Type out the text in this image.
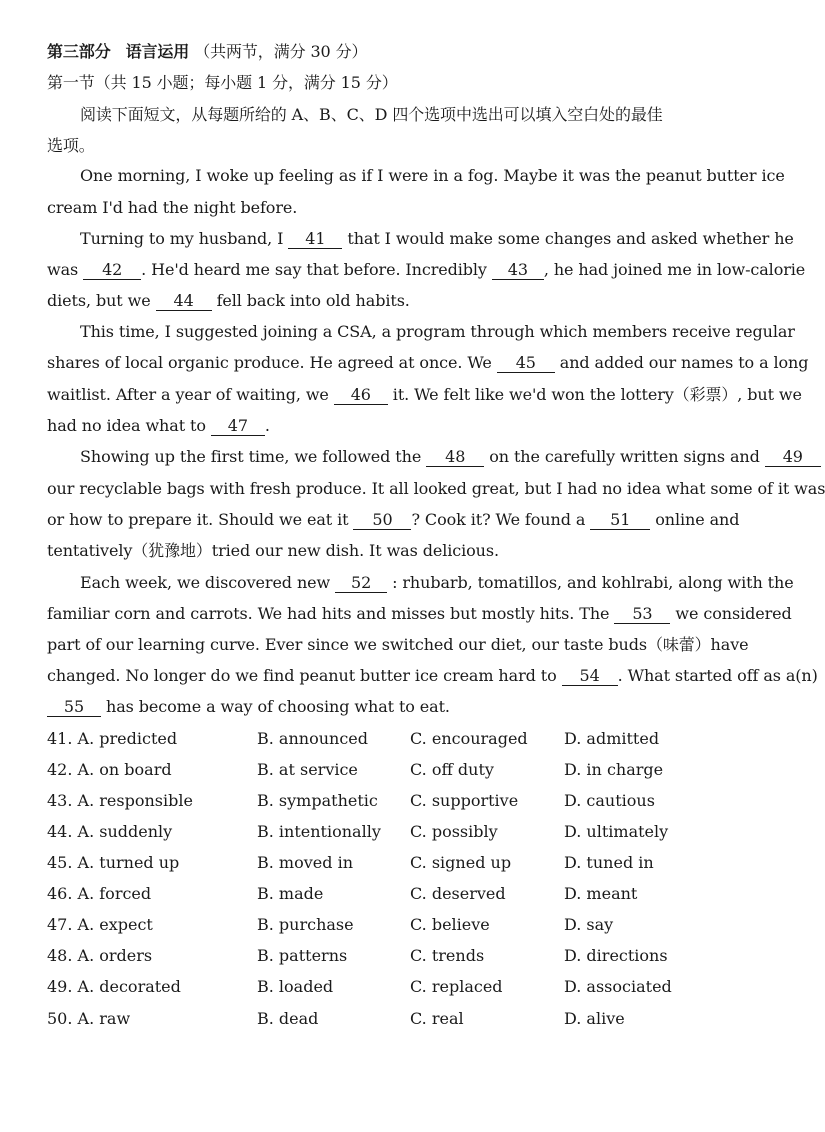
第三部分 语言运用 （共两节，满分 30 分）
第一节（共 15 小题；每小题 1 分，满分 15 分）
阅读下面短文，从每题所给的 A、B、C、D 四个选项中选出可以填入空白处的最佳
选项。
One morning, I woke up feeling as if I were in a fog. Maybe it was the peanut butter ice
cream I'd had the night before.
Turning to my husband, I 41 that I would make some changes and asked whether he
was 42 . He'd heard me say that before. Incredibly 43 , he had joined me in low-calorie
diets, but we 44 fell back into old habits.
This time, I suggested joining a CSA, a program through which members receive regular
shares of local organic produce. He agreed at once. We 45 and added our names to a long
waitlist. After a year of waiting, we 46 it. We felt like we'd won the lottery（彩票）, but we
had no idea what to 47 .
Showing up the first time, we followed the 48 on the carefully written signs and 49
our recyclable bags with fresh produce. It all looked great, but I had no idea what some of it was
or how to prepare it. Should we eat it 50 ? Cook it? We found a 51 online and
tentatively（犹豫地）tried our new dish. It was delicious.
Each week, we discovered new 52 : rhubarb, tomatillos, and kohlrabi, along with the
familiar corn and carrots. We had hits and misses but mostly hits. The 53 we considered
part of our learning curve. Ever since we switched our diet, our taste buds（味蕾）have
changed. No longer do we find peanut butter ice cream hard to 54 . What started off as a(n)
55 has become a way of choosing what to eat.
41. A. predicted	B. announced	C. encouraged D. admitted
42. A. on board	B. at service	C. off duty	D. in charge
43. A. responsible	B. sympathetic C. supportive	D. cautious
44. A. suddenly	B. intentionally C. possibly	D. ultimately
45. A. turned up	B. moved in	C. signed up	D. tuned in
46. A. forced	B. made	C. deserved	D. meant
47. A. expect	B. purchase	C. believe	D. say
48. A. orders	B. patterns	C. trends	D. directions
49. A. decorated	B. loaded	C. replaced	D. associated
50. A. raw	B. dead	C. real	D. alive
